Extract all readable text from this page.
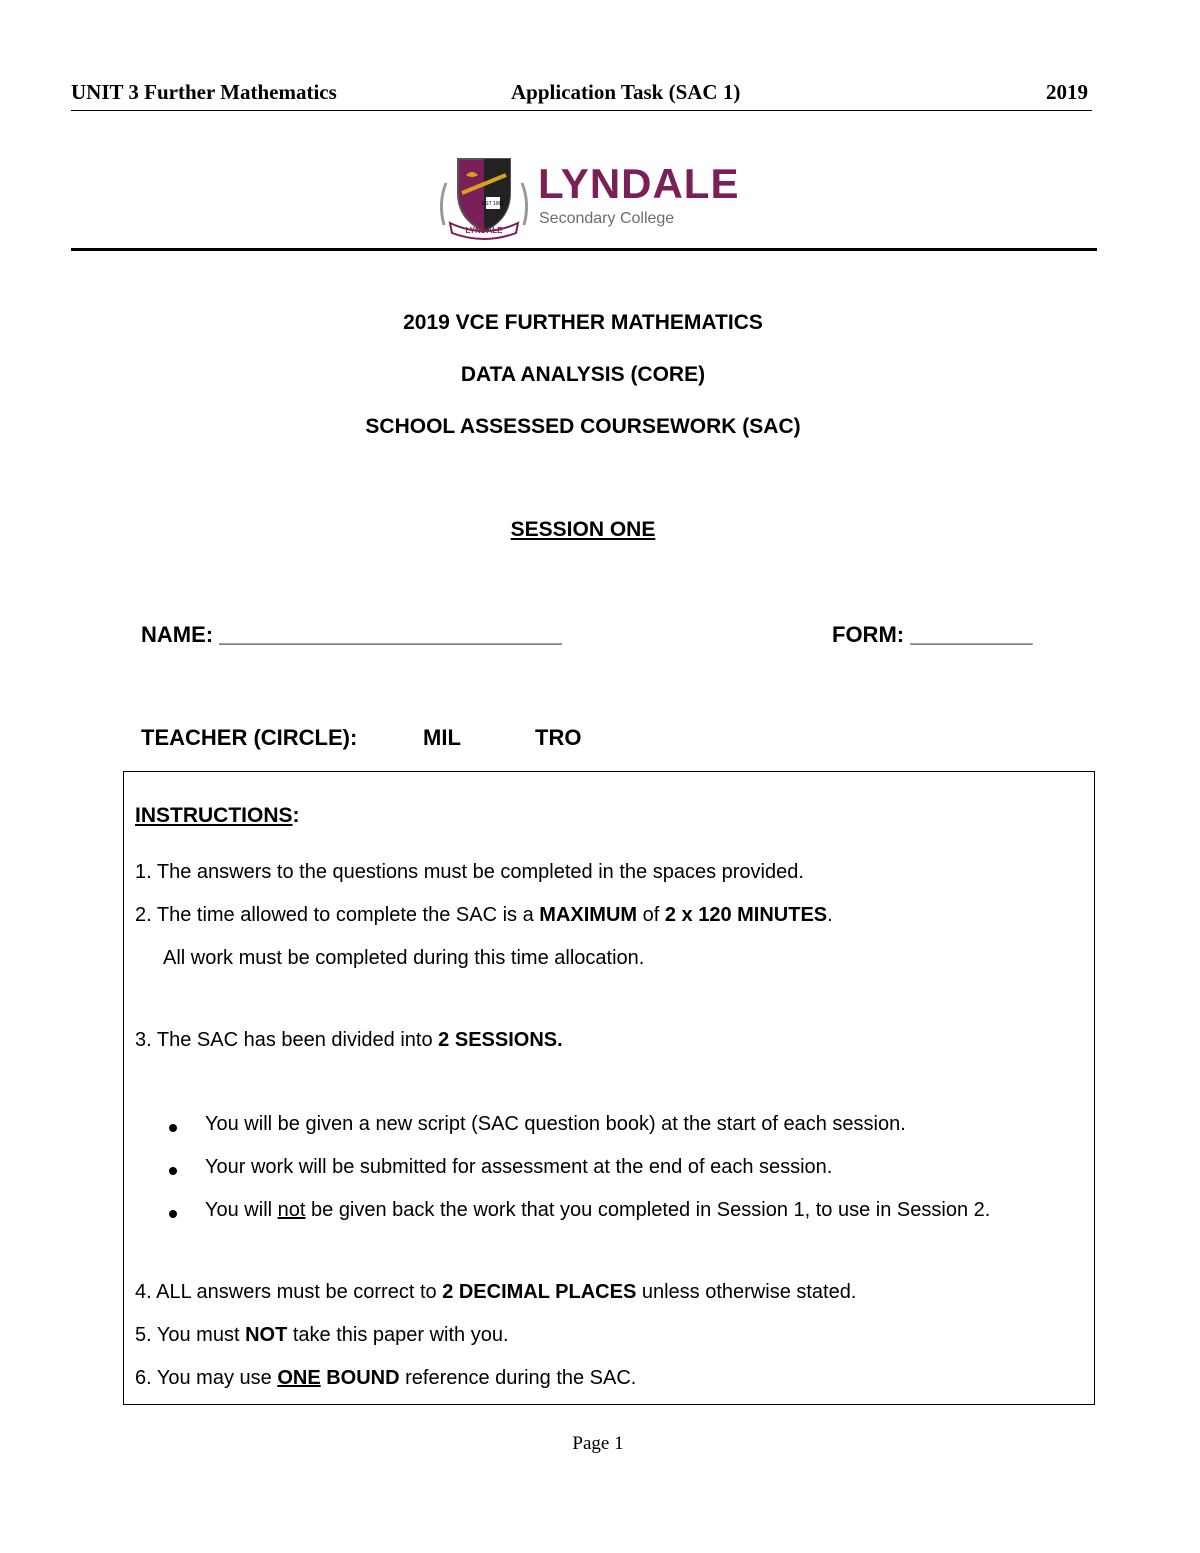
UNIT 3 Further Mathematics	Application Task (SAC 1)	2019
EST 1961
LYNDALE
LYNDALE
Secondary College
2019 VCE FURTHER MATHEMATICS
DATA ANALYSIS (CORE)
SCHOOL ASSESSED COURSEWORK (SAC)
SESSION ONE
NAME: ____________________________	FORM: __________
TEACHER (CIRCLE):	MIL	TRO
INSTRUCTIONS:
1. The answers to the questions must be completed in the spaces provided.
2. The time allowed to complete the SAC is a MAXIMUM of 2 x 120 MINUTES.
All work must be completed during this time allocation.
3. The SAC has been divided into 2 SESSIONS.
You will be given a new script (SAC question book) at the start of each session.
Your work will be submitted for assessment at the end of each session.
You will not be given back the work that you completed in Session 1, to use in Session 2.
4. ALL answers must be correct to 2 DECIMAL PLACES unless otherwise stated.
5. You must NOT take this paper with you.
6. You may use ONE BOUND reference during the SAC.
Page 1
